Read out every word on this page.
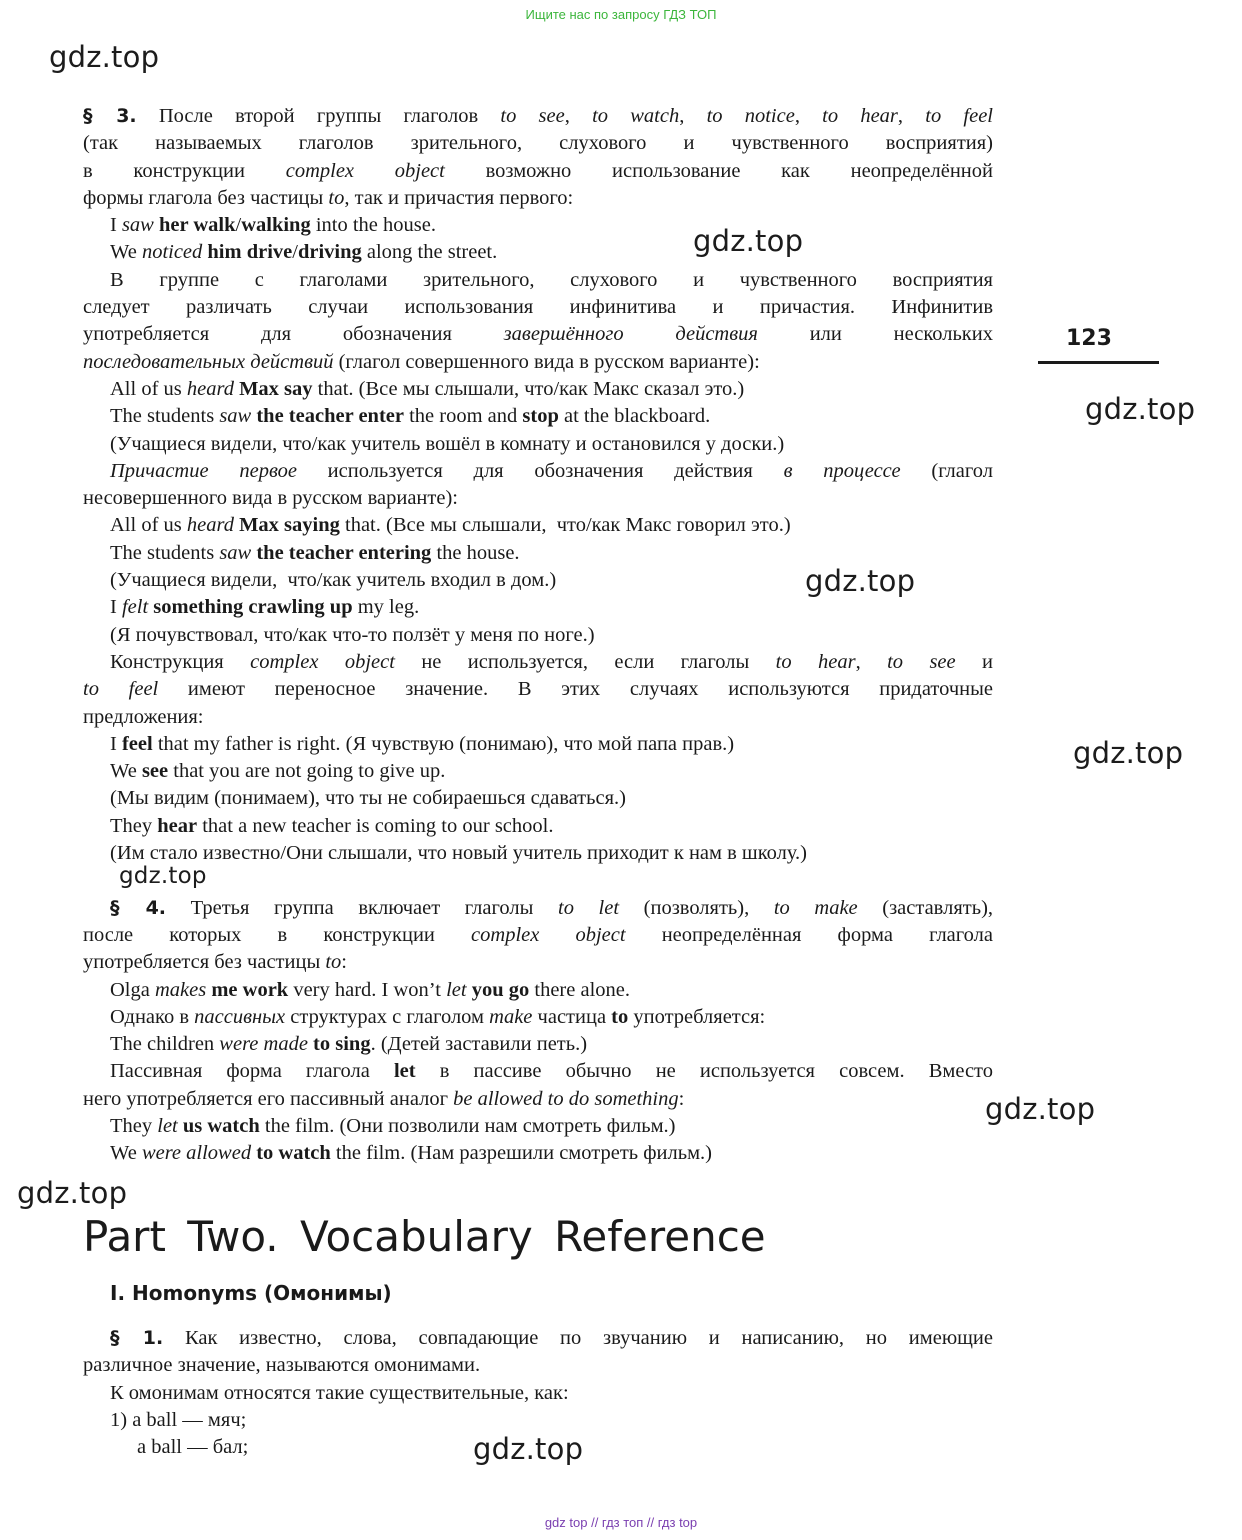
Ищите нас по запросу ГДЗ ТОП
gdz.top
gdz.top
gdz.top
gdz.top
gdz.top
gdz.top
gdz.top
gdz.top
gdz.top
123
§ 3. После второй группы глаголов to see, to watch, to notice, to hear, to feel
(так называемых глаголов зрительного, слухового и чувственного восприятия)
в конструкции complex object возможно использование как неопределённой
формы глагола без частицы to, так и причастия первого:
I saw her walk/walking into the house.
We noticed him drive/driving along the street.
В группе с глаголами зрительного, слухового и чувственного восприятия
следует различать случаи использования инфинитива и причастия. Инфинитив
употребляется для обозначения завершённого действия или нескольких
последовательных действий (глагол совершенного вида в русском варианте):
All of us heard Max say that. (Все мы слышали, что/как Макс сказал это.)
The students saw the teacher enter the room and stop at the blackboard.
(Учащиеся видели, что/как учитель вошёл в комнату и остановился у доски.)
Причастие первое используется для обозначения действия в процессе (глагол
несовершенного вида в русском варианте):
All of us heard Max saying that. (Все мы слышали,  что/как Макс говорил это.)
The students saw the teacher entering the house.
(Учащиеся видели,  что/как учитель входил в дом.)
I felt something crawling up my leg.
(Я почувствовал, что/как что-то ползёт у меня по ноге.)
Конструкция complex object не используется, если глаголы to hear, to see и
to feel имеют переносное значение. В этих случаях используются придаточные
предложения:
I feel that my father is right. (Я чувствую (понимаю), что мой папа прав.)
We see that you are not going to give up.
(Мы видим (понимаем), что ты не собираешься сдаваться.)
They hear that a new teacher is coming to our school.
(Им стало известно/Они слышали, что новый учитель приходит к нам в школу.)

§ 4. Третья группа включает глаголы to let (позволять), to make (заставлять),
после которых в конструкции complex object неопределённая форма глагола
употребляется без частицы to:
Olga makes me work very hard. I won’t let you go there alone.
Однако в пассивных структурах с глаголом make частица to употребляется:
The children were made to sing. (Детей заставили петь.)
Пассивная форма глагола let в пассиве обычно не используется совсем. Вместо
него употребляется его пассивный аналог be allowed to do something:
They let us watch the film. (Они позволили нам смотреть фильм.)
We were allowed to watch the film. (Нам разрешили смотреть фильм.)
Part Two. Vocabulary Reference
I. Homonyms (Омонимы)
§ 1. Как известно, слова, совпадающие по звучанию и написанию, но имеющие
различное значение, называются омонимами.
К омонимам относятся такие существительные, как:
1) a ball — мяч;
a ball — бал;
gdz top // гдз топ // гдз top
